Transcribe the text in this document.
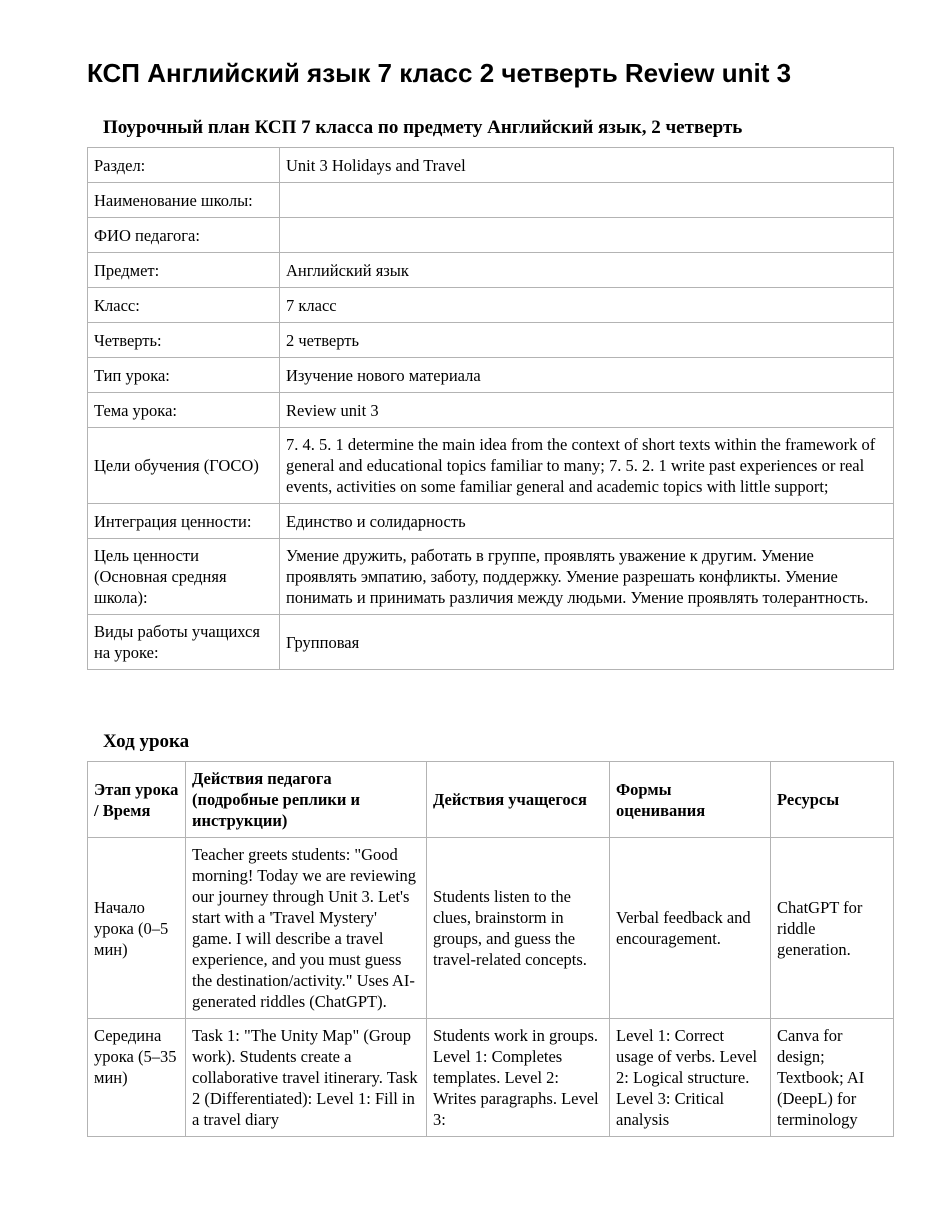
КСП Английский язык 7 класс 2 четверть Review unit 3
Поурочный план КСП 7 класса по предмету Английский язык, 2 четверть
Раздел:	Unit 3 Holidays and Travel
Наименование школы:	
ФИО педагога:	
Предмет:	Английский язык
Класс:	7 класс
Четверть:	2 четверть
Тип урока:	Изучение нового материала
Тема урока:	Review unit 3
Цели обучения (ГОСО)	7. 4. 5. 1 determine the main idea from the context of short texts within the framework of general and educational topics familiar to many; 7. 5. 2. 1 write past experiences or real events, activities on some familiar general and academic topics with little support;
Интеграция ценности:	Единство и солидарность
Цель ценности (Основная средняя школа):	Умение дружить, работать в группе, проявлять уважение к другим. Умение проявлять эмпатию, заботу, поддержку. Умение разрешать конфликты. Умение понимать и принимать различия между людьми. Умение проявлять толерантность.
Виды работы учащихся на уроке:	Групповая
Ход урока
Этап урока / Время	Действия педагога (подробные реплики и инструкции)	Действия учащегося	Формы оценивания	Ресурсы
Начало урока (0–5 мин)	Teacher greets students: "Good morning! Today we are reviewing our journey through Unit 3. Let's start with a 'Travel Mystery' game. I will describe a travel experience, and you must guess the destination/activity." Uses AI-generated riddles (ChatGPT).	Students listen to the clues, brainstorm in groups, and guess the travel-related concepts.	Verbal feedback and encouragement.	ChatGPT for riddle generation.
Середина урока (5–35 мин)	Task 1: "The Unity Map" (Group work). Students create a collaborative travel itinerary. Task 2 (Differentiated): Level 1: Fill in a travel diary	Students work in groups. Level 1: Completes templates. Level 2: Writes paragraphs. Level 3:	Level 1: Correct usage of verbs. Level 2: Logical structure. Level 3: Critical analysis	Canva for design; Textbook; AI (DeepL) for terminology
